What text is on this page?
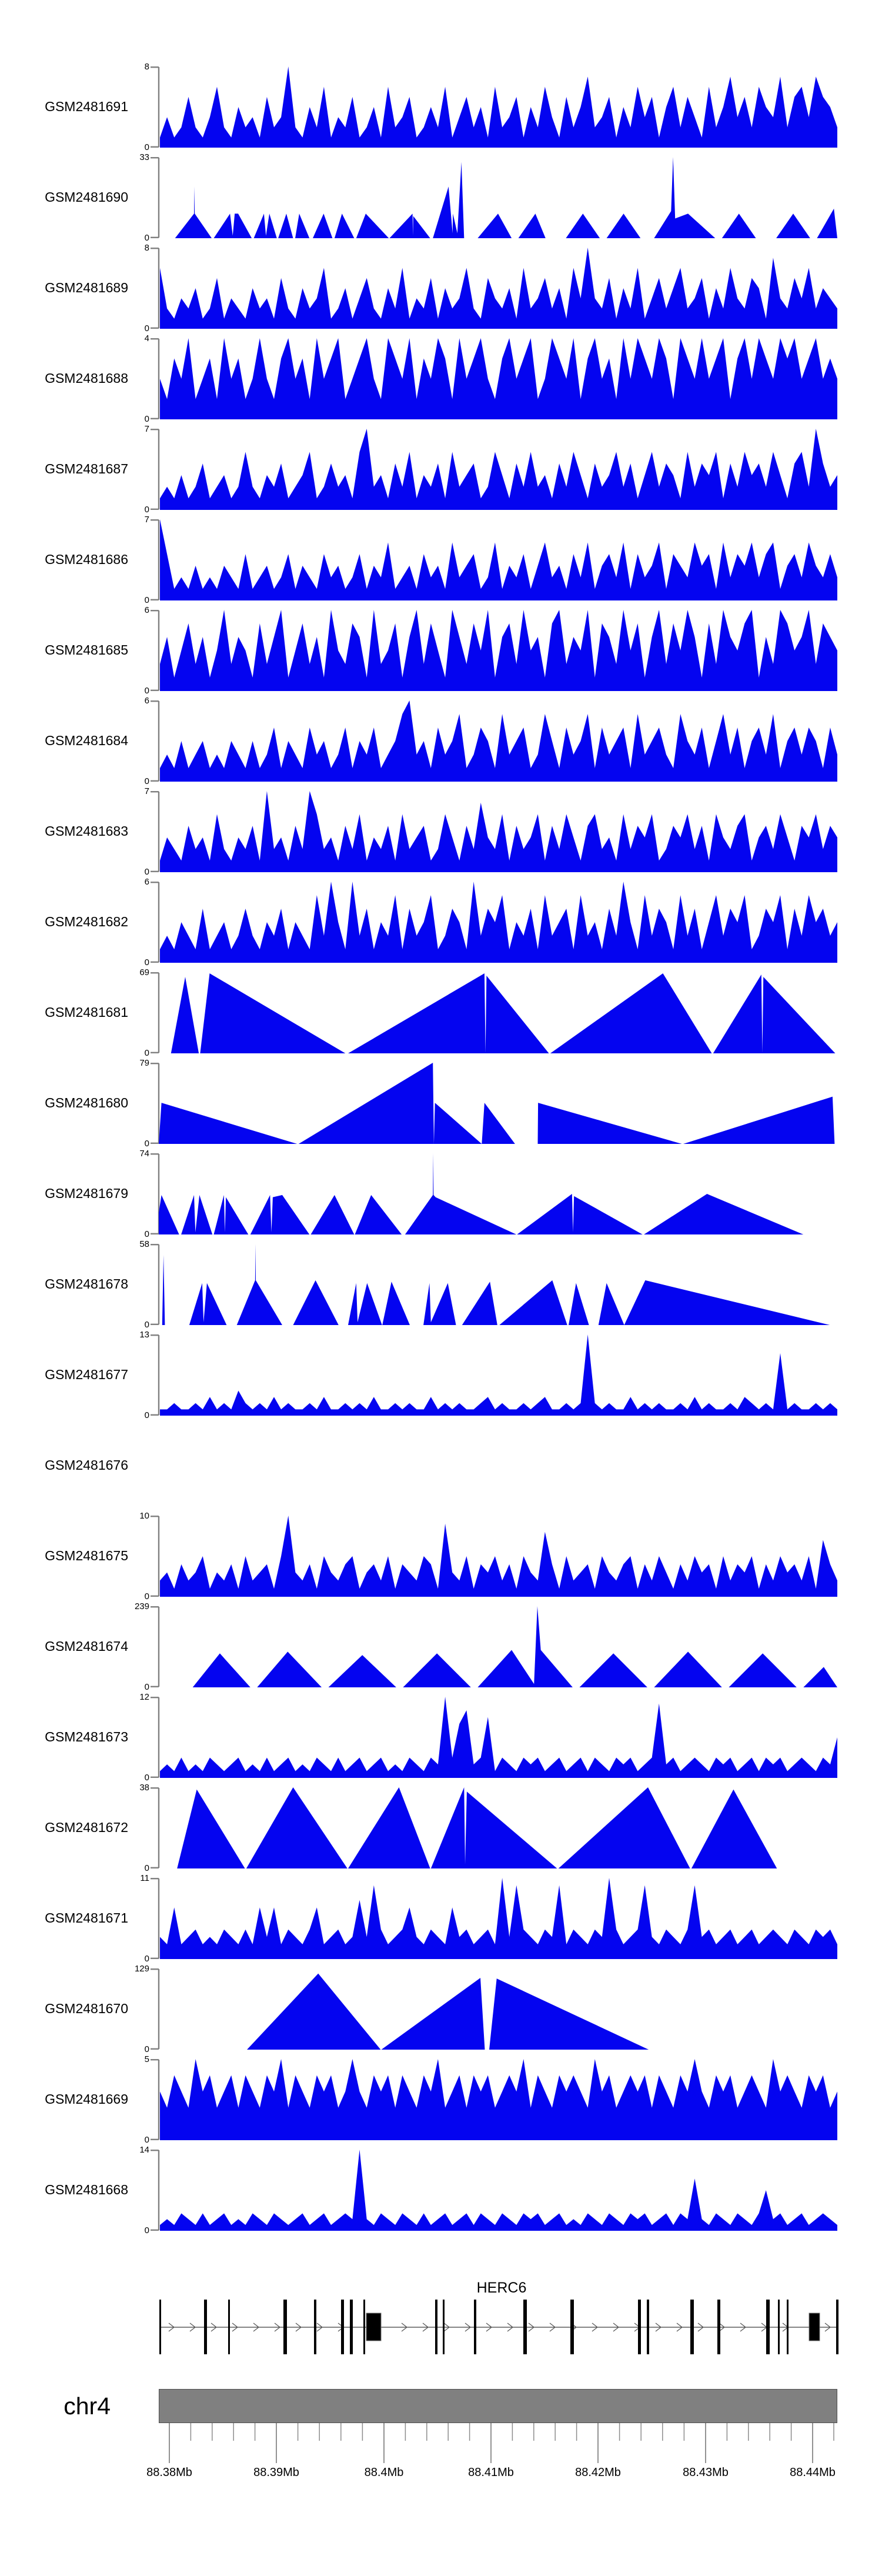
GSM2481691
8
0
GSM2481690
33
0
GSM2481689
8
0
GSM2481688
4
0
GSM2481687
7
0
GSM2481686
7
0
GSM2481685
6
0
GSM2481684
6
0
GSM2481683
7
0
GSM2481682
6
0
GSM2481681
69
0
GSM2481680
79
0
GSM2481679
74
0
GSM2481678
58
0
GSM2481677
13
0
GSM2481676
GSM2481675
10
0
GSM2481674
239
0
GSM2481673
12
0
GSM2481672
38
0
GSM2481671
11
0
GSM2481670
129
0
GSM2481669
5
0
GSM2481668
14
0
HERC6
chr4
88.38Mb	88.39Mb	88.4Mb	88.41Mb	88.42Mb	88.43Mb	88.44Mb
